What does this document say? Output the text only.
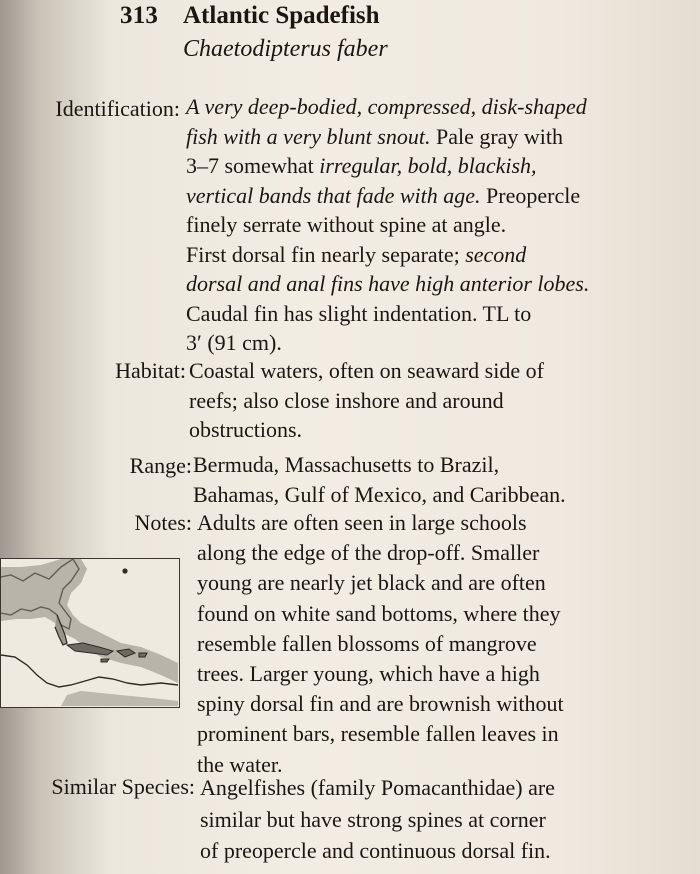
313 Atlantic Spadefish
Chaetodipterus faber
Identification: A very deep-bodied, compressed, disk-shaped
fish with a very blunt snout. Pale gray with
3–7 somewhat irregular, bold, blackish,
vertical bands that fade with age. Preopercle
finely serrate without spine at angle.
First dorsal fin nearly separate; second
dorsal and anal fins have high anterior lobes.
Caudal fin has slight indentation. TL to
3′ (91 cm).
Habitat: Coastal waters, often on seaward side of
reefs; also close inshore and around
obstructions.
Range: Bermuda, Massachusetts to Brazil,
Bahamas, Gulf of Mexico, and Caribbean.
Notes: Adults are often seen in large schools
along the edge of the drop-off. Smaller
young are nearly jet black and are often
found on white sand bottoms, where they
resemble fallen blossoms of mangrove
trees. Larger young, which have a high
spiny dorsal fin and are brownish without
prominent bars, resemble fallen leaves in
the water.
Similar Species: Angelfishes (family Pomacanthidae) are
similar but have strong spines at corner
of preopercle and continuous dorsal fin.
